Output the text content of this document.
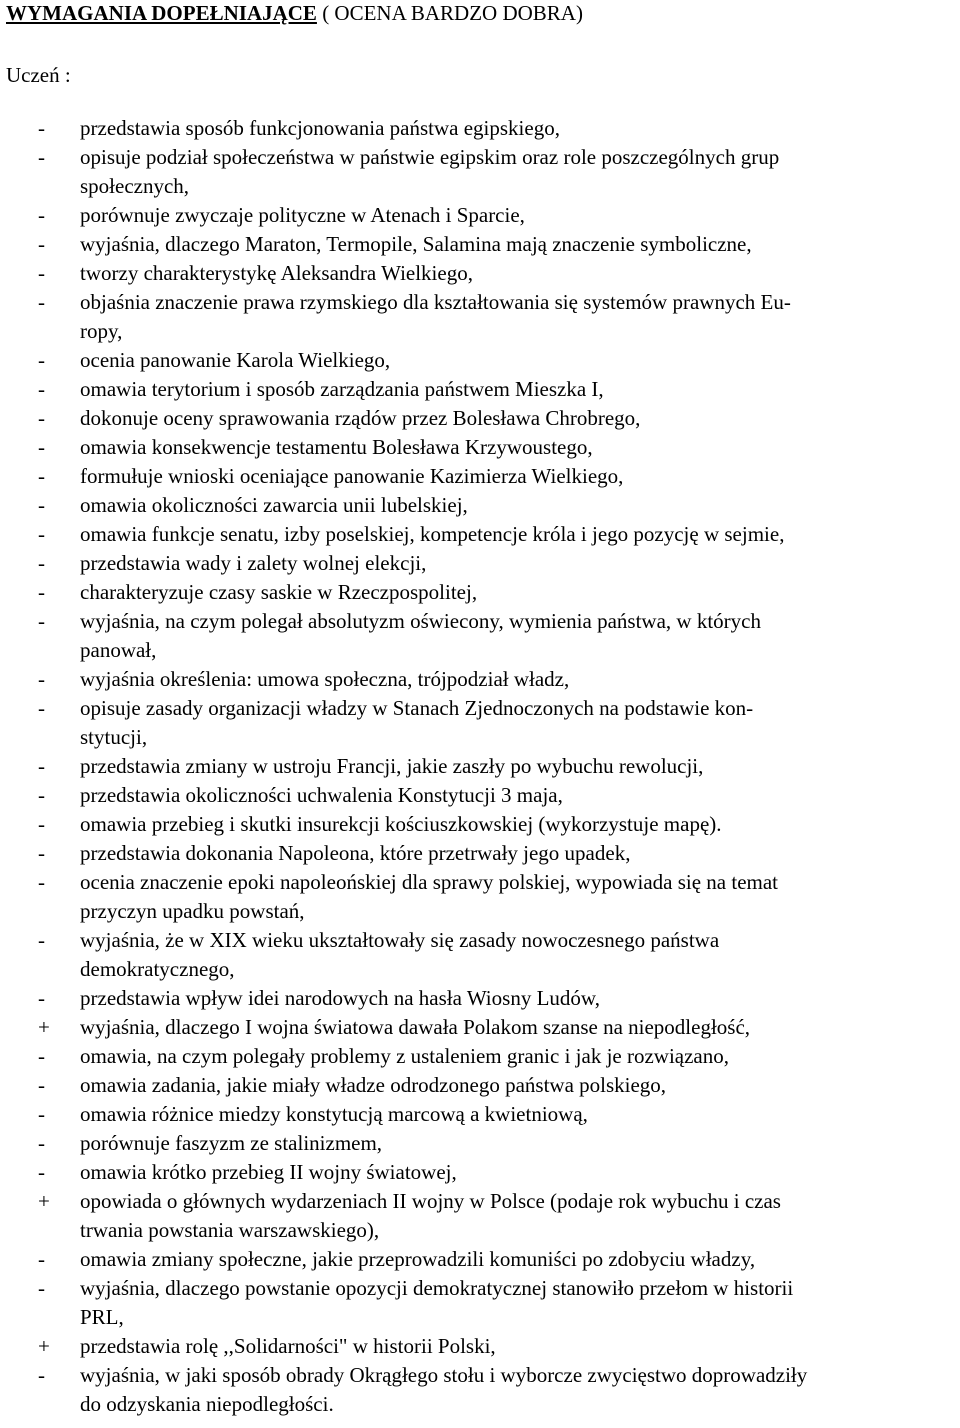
WYMAGANIA DOPEŁNIAJĄCE ( OCENA BARDZO DOBRA)
Uczeń :
- przedstawia sposób funkcjonowania państwa egipskiego,
- opisuje podział społeczeństwa w państwie egipskim oraz role poszczególnych grup
społecznych,
- porównuje zwyczaje polityczne w Atenach i Sparcie,
- wyjaśnia, dlaczego Maraton, Termopile, Salamina mają znaczenie symboliczne,
- tworzy charakterystykę Aleksandra Wielkiego,
- objaśnia znaczenie prawa rzymskiego dla kształtowania się systemów prawnych Eu-
ropy,
- ocenia panowanie Karola Wielkiego,
- omawia terytorium i sposób zarządzania państwem Mieszka I,
- dokonuje oceny sprawowania rządów przez Bolesława Chrobrego,
- omawia konsekwencje testamentu Bolesława Krzywoustego,
- formułuje wnioski oceniające panowanie Kazimierza Wielkiego,
- omawia okoliczności zawarcia unii lubelskiej,
- omawia funkcje senatu, izby poselskiej, kompetencje króla i jego pozycję w sejmie,
- przedstawia wady i zalety wolnej elekcji,
- charakteryzuje czasy saskie w Rzeczpospolitej,
- wyjaśnia, na czym polegał absolutyzm oświecony, wymienia państwa, w których
panował,
- wyjaśnia określenia: umowa społeczna, trójpodział władz,
- opisuje zasady organizacji władzy w Stanach Zjednoczonych na podstawie kon-
stytucji,
- przedstawia zmiany w ustroju Francji, jakie zaszły po wybuchu rewolucji,
- przedstawia okoliczności uchwalenia Konstytucji 3 maja,
- omawia przebieg i skutki insurekcji kościuszkowskiej (wykorzystuje mapę).
- przedstawia dokonania Napoleona, które przetrwały jego upadek,
- ocenia znaczenie epoki napoleońskiej dla sprawy polskiej, wypowiada się na temat
przyczyn upadku powstań,
- wyjaśnia, że w XIX wieku ukształtowały się zasady nowoczesnego państwa
demokratycznego,
- przedstawia wpływ idei narodowych na hasła Wiosny Ludów,
+ wyjaśnia, dlaczego I wojna światowa dawała Polakom szanse na niepodległość,
- omawia, na czym polegały problemy z ustaleniem granic i jak je rozwiązano,
- omawia zadania, jakie miały władze odrodzonego państwa polskiego,
- omawia różnice miedzy konstytucją marcową a kwietniową,
- porównuje faszyzm ze stalinizmem,
- omawia krótko przebieg II wojny światowej,
+ opowiada o głównych wydarzeniach II wojny w Polsce (podaje rok wybuchu i czas
trwania powstania warszawskiego),
- omawia zmiany społeczne, jakie przeprowadzili komuniści po zdobyciu władzy,
- wyjaśnia, dlaczego powstanie opozycji demokratycznej stanowiło przełom w historii
PRL,
+ przedstawia rolę ,,Solidarności" w historii Polski,
- wyjaśnia, w jaki sposób obrady Okrągłego stołu i wyborcze zwycięstwo doprowadziły
do odzyskania niepodległości.
